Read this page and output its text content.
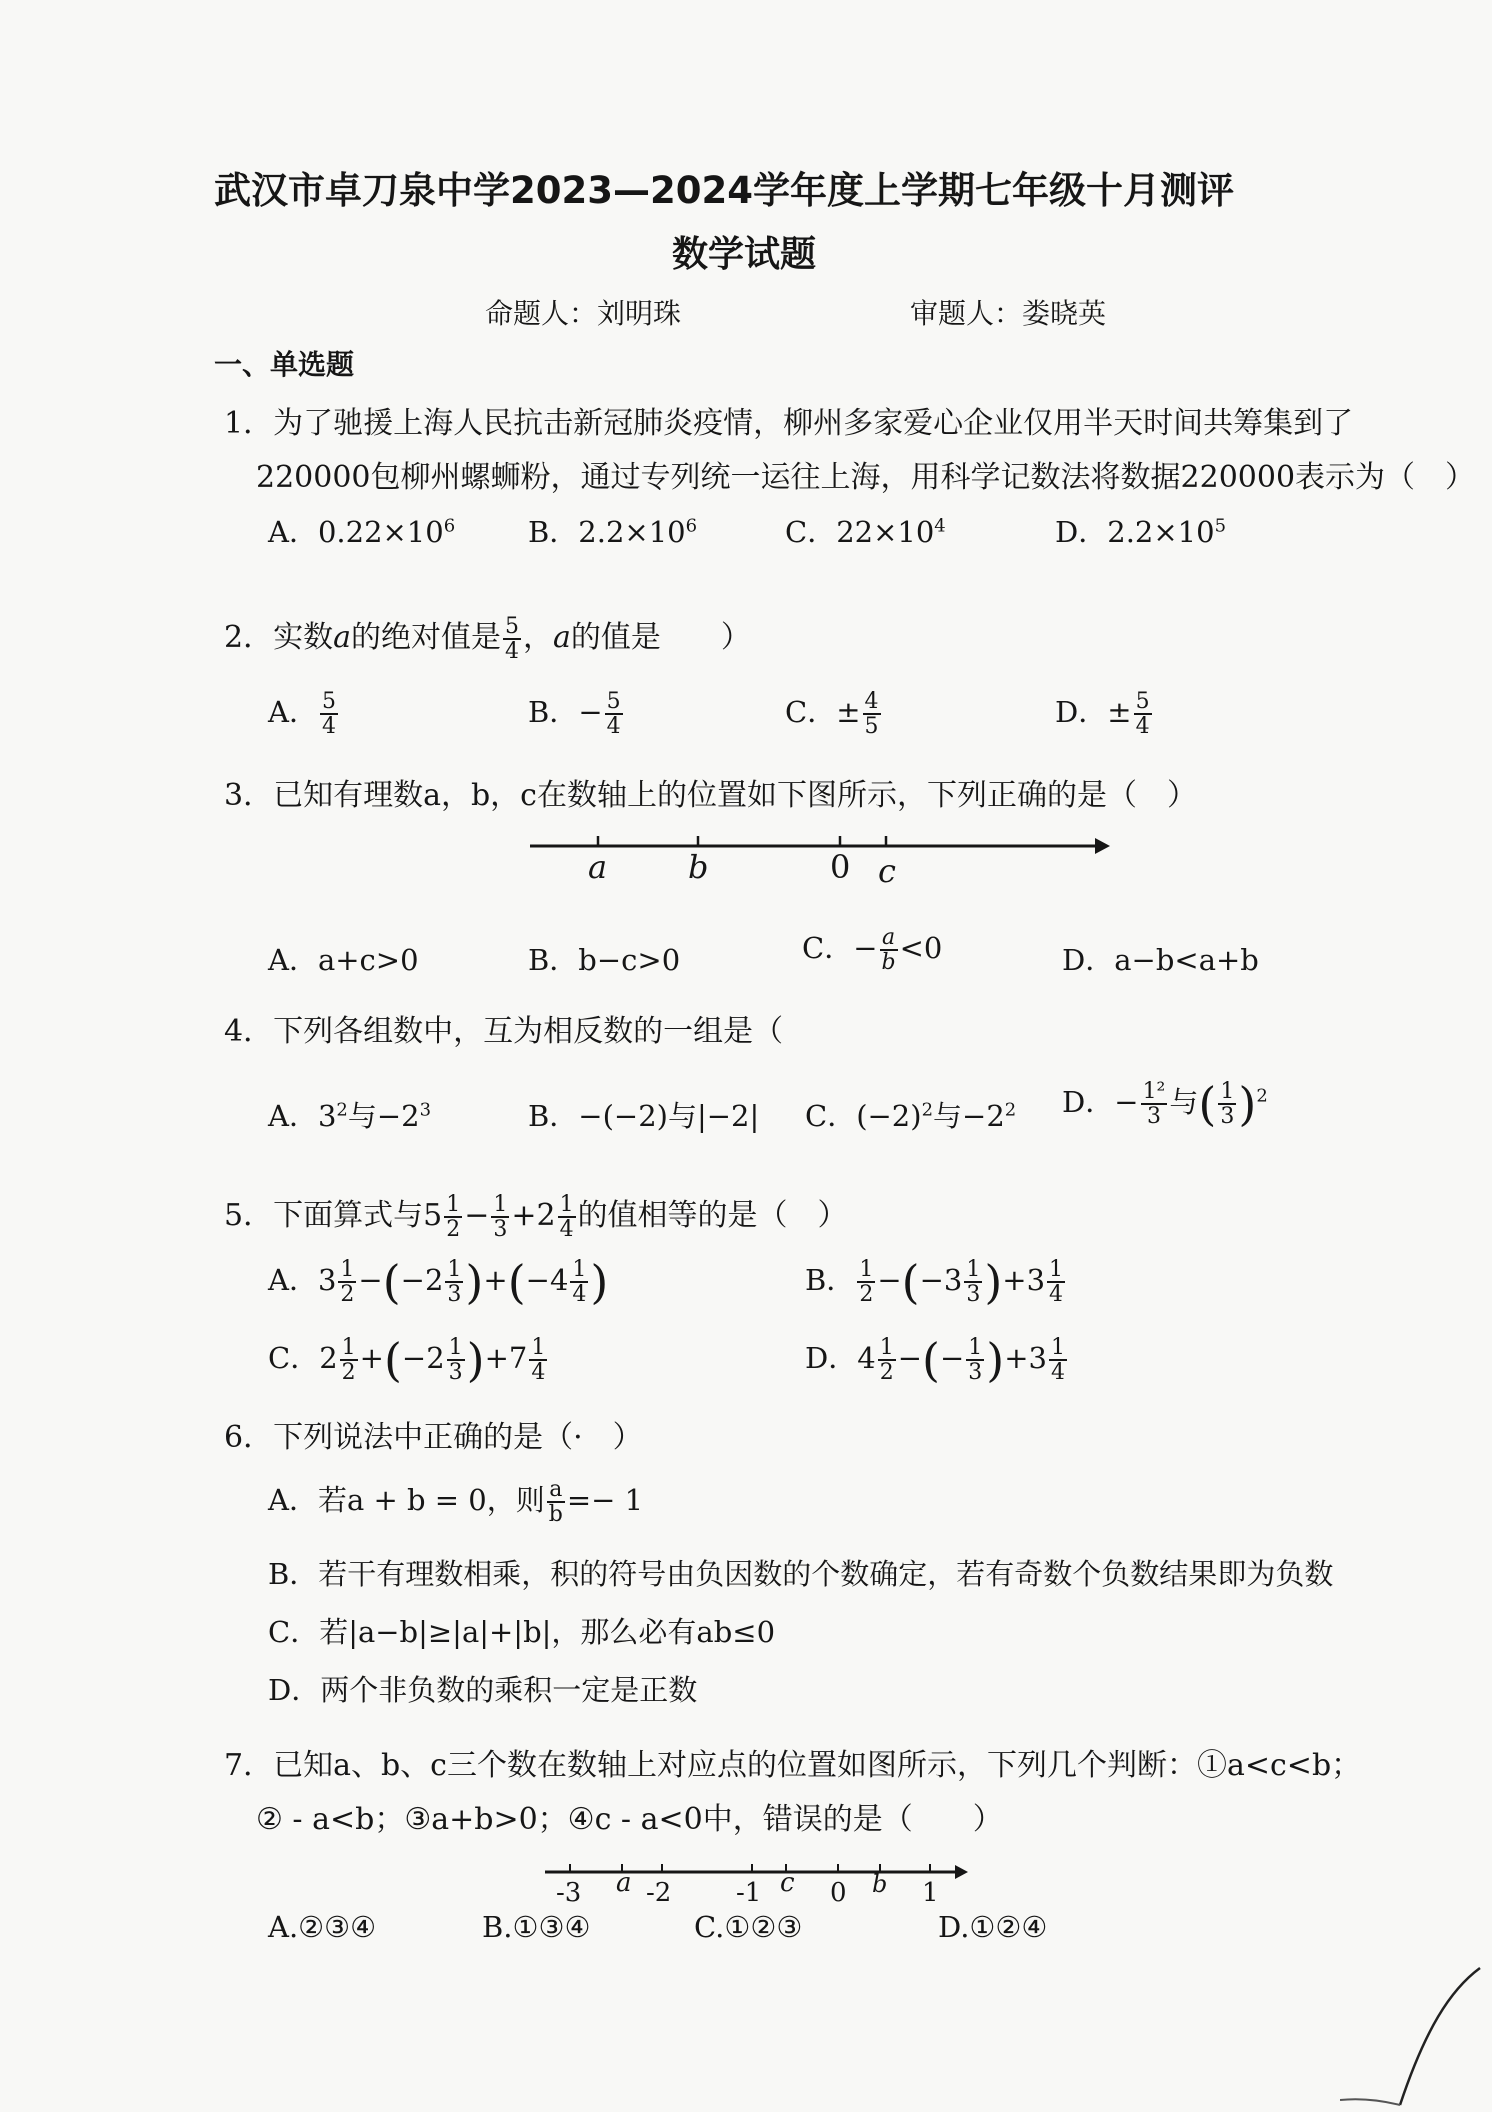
武汉市卓刀泉中学2023—2024学年度上学期七年级十月测评
数学试题
命题人：刘明珠	审题人：娄晓英
一、单选题
1．为了驰援上海人民抗击新冠肺炎疫情，柳州多家爱心企业仅用半天时间共筹集到了
220000包柳州螺蛳粉，通过专列统一运往上海，用科学记数法将数据220000表示为（　）
A．$0.22\times 10^6$	B．$2.2\times 10^6$	C．$22\times 10^4$	D．$2.2\times 10^5$
2．实数a的绝对值是 $\frac{5}{4}$ ，a的值是　　）
A． $\frac{5}{4}$	B．− $\frac{5}{4}$	C．± $\frac{4}{5}$	D．± $\frac{5}{4}$
3．已知有理数a，b，c在数轴上的位置如下图所示，下列正确的是（　）
a	b	0 c
A．a+c>0	B．b−c>0	C．− $\frac{a}{b} <0$	D．a−b<a+b
4．下列各组数中，互为相反数的一组是（
A．$3^2$与$-2^3$	B．−(−2)与|−2| C．$(-2)^2$与$-2^2$ D．− $\frac{\text{1²}}{3}$ 与( $\frac{1}{3} )^2$
5．下面算式与$5 \frac{1}{2} - \frac{1}{3} +2 \frac{1}{4}$ 的值相等的是（　）
A．$3 \frac{1}{2} -(-2 \frac{1}{3} )+(-4 \frac{1}{4}$ )	B． $\frac{1}{2} -(-3 \frac{1}{3} )+3 \frac{1}{4}$
C．$2 \frac{1}{2} +(-2 \frac{1}{3} )+7 \frac{1}{4}$	D．$4 \frac{1}{2}$ −(− $\frac{1}{3} )+3 \frac{1}{4}$
6．下列说法中正确的是（·　）
A．若a + b = 0，则 $\frac{a}{b} =- 1$
B．若干有理数相乘，积的符号由负因数的个数确定，若有奇数个负数结果即为负数
C．若|a−b|≥|a|+|b|，那么必有ab≤0
D．两个非负数的乘积一定是正数
7．已知a、b、c三个数在数轴上对应点的位置如图所示，下列几个判断：①a<c<b；
② - a<b；③a+b>0；④c - a<0中，错误的是（　　）
-3 a -2 -1 c 0 b 1
A.②③④	B.①③④	C.①②③	D.①②④
